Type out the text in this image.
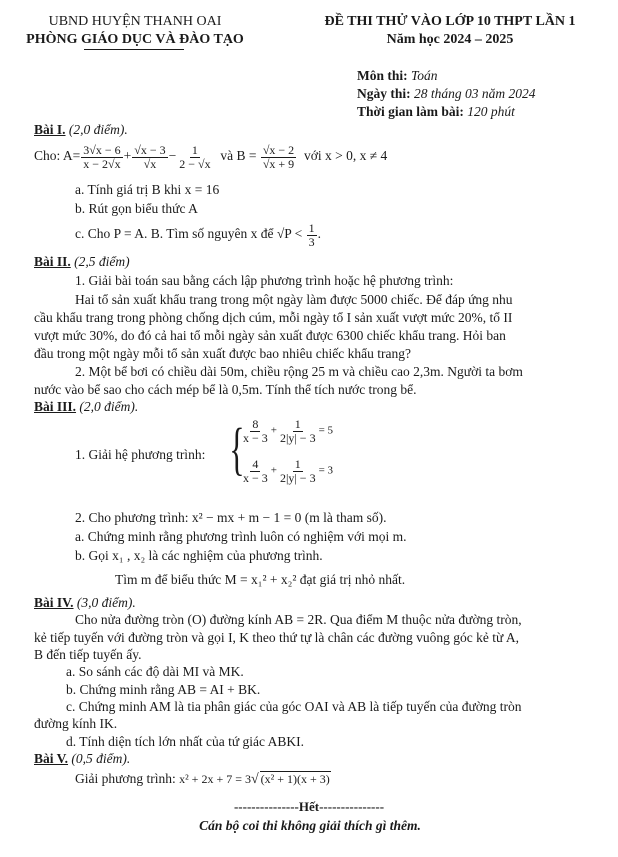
UBND HUYỆN THANH OAI
PHÒNG GIÁO DỤC VÀ ĐÀO TẠO
ĐỀ THI THỬ VÀO LỚP 10 THPT LẦN 1
Năm học 2024 – 2025
Môn thi: Toán
Ngày thi: 28 tháng 03 năm 2024
Thời gian làm bài: 120 phút
Bài I. (2,0 điểm).
Cho: $A= \frac{3√x - 6}{x - 2√x} + \frac{√x - 3}{√x} - \frac{1}{2 - √x}$ và $B = \frac{√x - 2}{√x + 9}$ với x > 0, x ≠ 4
a. Tính giá trị B khi x = 16
b. Rút gọn biểu thức A
c. Cho P = A. B. Tìm số nguyên x để $√P < \frac{1}{3}$ .
Bài II. (2,5 điểm)
1. Giải bài toán sau bằng cách lập phương trình hoặc hệ phương trình:
Hai tổ sản xuất khẩu trang trong một ngày làm được 5000 chiếc. Để đáp ứng nhu
cầu khẩu trang trong phòng chống dịch cúm, mỗi ngày tổ I sản xuất vượt mức 20%, tổ II
vượt mức 30%, do đó cả hai tổ mỗi ngày sản xuất được 6300 chiếc khẩu trang. Hỏi ban
đầu trong một ngày mỗi tổ sản xuất được bao nhiêu chiếc khẩu trang?
2. Một bể bơi có chiều dài 50m, chiều rộng 25 m và chiều cao 2,3m. Người ta bơm
nước vào bể sao cho cách mép bể là 0,5m. Tính thể tích nước trong bể.
Bài III. (2,0 điểm).
1. Giải hệ phương trình: {
$\frac{8}{x - 3} + \frac{1}{2|y| - 3} = 5$
$\frac{4}{x - 3} + \frac{1}{2|y| - 3} = 3$
2. Cho phương trình: x² − mx + m − 1 = 0 (m là tham số).
a. Chứng minh rằng phương trình luôn có nghiệm với mọi m.
b. Gọi x₁ , x₂ là các nghiệm của phương trình.
Tìm m để biểu thức M = x₁² + x₂² đạt giá trị nhỏ nhất.
Bài IV. (3,0 điểm).
Cho nửa đường tròn (O) đường kính AB = 2R. Qua điểm M thuộc nửa đường tròn,
kẻ tiếp tuyến với đường tròn và gọi I, K theo thứ tự là chân các đường vuông góc kẻ từ A,
B đến tiếp tuyến ấy.
a. So sánh các độ dài MI và MK.
b. Chứng minh rằng AB = AI + BK.
c. Chứng minh AM là tia phân giác của góc OAI và AB là tiếp tuyến của đường tròn
đường kính IK.
d. Tính diện tích lớn nhất của tứ giác ABKI.
Bài V. (0,5 điểm).
Giải phương trình: x² + 2x + 7 = 3√ (x² + 1)(x + 3)
---------------Hết---------------
Cán bộ coi thi không giải thích gì thêm.
